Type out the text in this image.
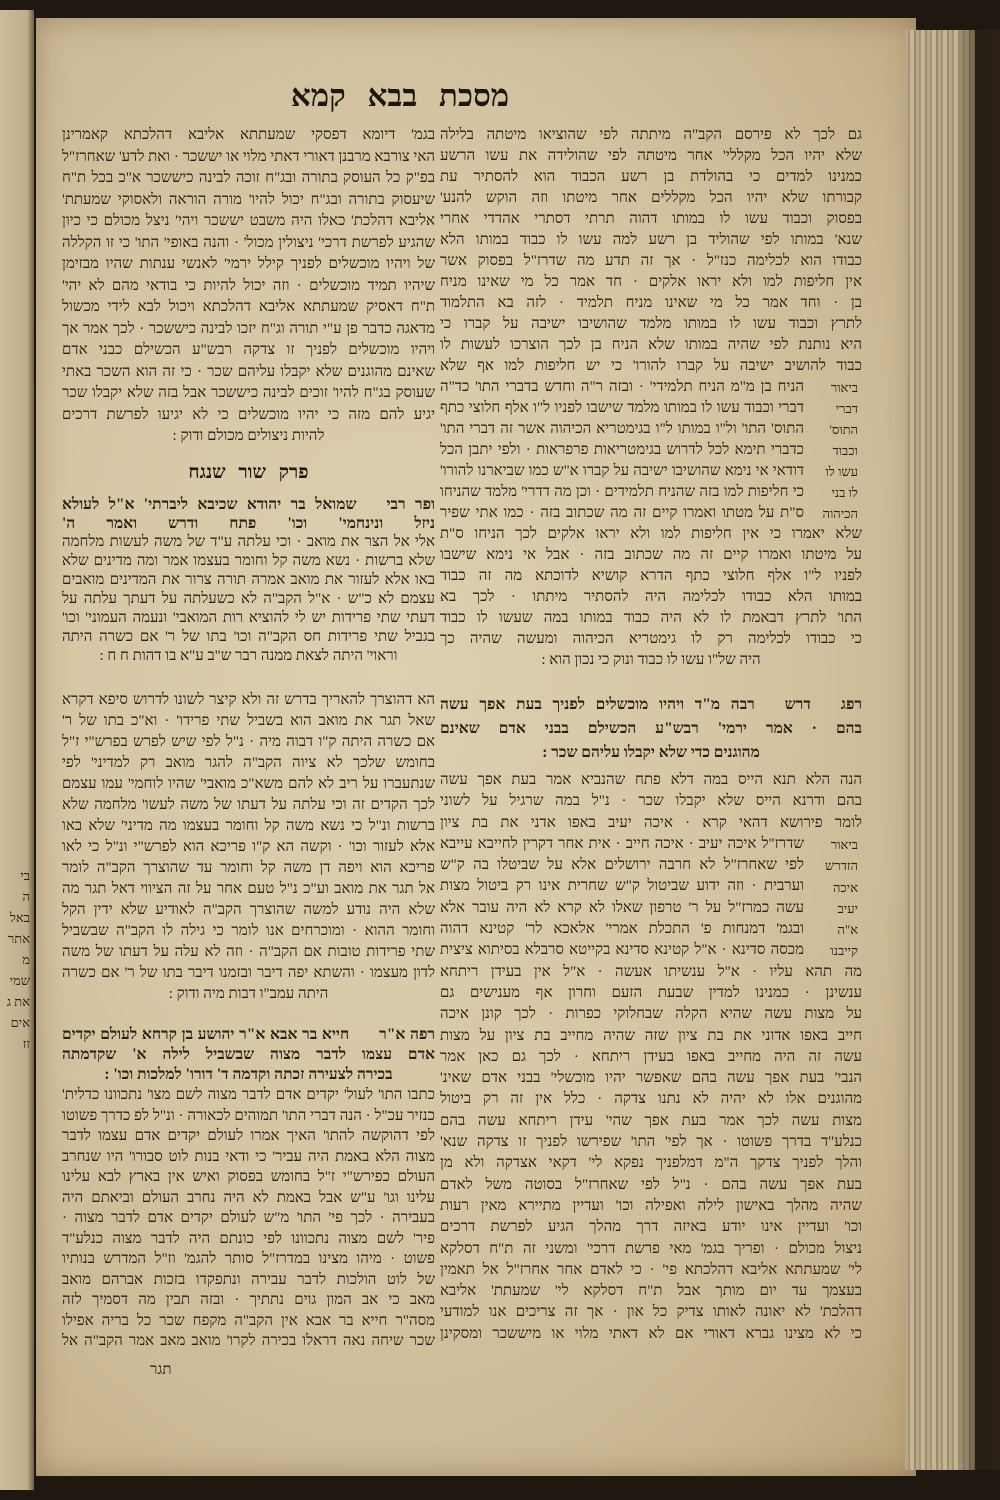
בי
ה
באל
אתר
מ
שמי
את ג
אים
זז
מסכת בבא קמא
גם לכך לא פירסם הקב"ה מיתתה לפי שהוציאו מיטתה בלילה
שלא יהיו הכל מקללי' אחר מיטתה לפי שהולידה את עשו הרשע
כמנינו למדים כי בהולדת בן רשע הכבוד הוא להסתיר עת
קבורתו שלא יהיו הכל מקללים אחר מיטתו וזה הוקש להנע'
בפסוק וכבוד עשו לו במותו דהוה תרתי דסתרי אהדדי אחרי
שנא' במותו לפי שהוליד בן רשע למה עשו לו כבוד במותו הלא
כבודו הוא לכלימה כנז"ל · אך זה תדע מה שדרז"ל בפסוק אשר
אין חליפות למו ולא יראו אלקים · חד אמר כל מי שאינו מניח
בן · וחד אמר כל מי שאינו מניח תלמיד · לזה בא התלמוד
לתרץ וכבוד עשו לו במותו מלמד שהושיבו ישיבה על קברו כי
היא נותנת לפי שהיה במותו שלא הניח בן לכך הוצרכו לעשות לו
כבוד להושיב ישיבה על קברו להורו' כי יש חליפות למו אף שלא
הניח בן מ"מ הניח תלמידי' · ובזה ר"ה וחדש בדברי התו' כד"ה
דברי וכבוד עשו לו במותו מלמד שישבו לפניו ל"ו אלף חלוצי כתף
התוס' התו' ול"ו במותו ל"ו בגימטריא הכיהוה אשר זה דברי התו'
כדברי תימא לכל לדרוש בגימטריאות פרפראות · ולפי יתבן הכל
דודאי אי נימא שהושיבו ישיבה על קברו א"ש כמו שביארנו להורו'
כי חליפות למו בזה שהניח תלמידים · וכן מה דדרי' מלמד שהניחו
ס"ת על מטתו ואמרו קיים זה מה שכתוב בזה · כמו אתי שפיר
שלא יאמרו כי אין חליפות למו ולא יראו אלקים לכך הניחו ס"ת
על מיטתו ואמרו קיים זה מה שכתוב בזה · אבל אי נימא שישבו
לפניו ל"ו אלף חלוצי כתף הדרא קושיא לדוכתא מה זה כבוד
במותו הלא כבודו לכלימה היה להסתיר מיתתו · לכך בא
התו' לתרץ דבאמת לו לא היה כבוד במותו במה שעשו לו כבוד
כי כבודו לכלימה רק לו גימטריא הכיהוה ומעשה שהיה כך
היה של"ו עשו לו כבוד ונוק כי נכון הוא :
רפגדרשרבה מ"ד ויהיו מוכשלים לפניך בעת אפך עשה
בהם · אמר ירמי' רבש"ע הכשילם בבני אדם שאינם
מהוגנים כדי שלא יקבלו עליהם שכר :
הנה הלא תנא הייס במה דלא פתח שהנביא אמר בעת אפך עשה
בהם ודרנא הייס שלא יקבלו שכר · נ"ל במה שרגיל על לשוני
לומר פירושא דהאי קרא · איכה יעיב באפו אדני את בת ציון
שדרז"ל איכה יעיב · איכה חייב · אית אחר דקרין לחייבא עייבא
לפי שאחרז"ל לא חרבה ירושלים אלא על שביטלו בה ק"ש
וערבית · וזה ידוע שביטול ק"ש שחרית אינו רק ביטול מצות
עשה כמרז"ל על ר' טרפון שאלו לא קרא לא היה עובר אלא
ובגמ' דמנחות פ' התכלת אמרי' אלאכא לר' קטינא דהוה
מכסה סדינא · א"ל קטינא סדינא בקייטא סרבלא בסיתוא ציצית
מה תהא עליו · א"ל ענשיתו אעשה · א"ל אין בעידן ריתחא
ענשינן · כמנינו למדין שבעת הזעם וחרון אף מענישים גם
על מצות עשה שהיא הקלה שבחלוקי כפרות · לכך קונן איכה
חייב באפו אדוני את בת ציון שזה שהיה מחייב בת ציון על מצות
עשה זה היה מחייב באפו בעידן ריתחא · לכך גם כאן אמר
הנבי' בעת אפך עשה בהם שאפשר יהיו מוכשלי' בבני אדם שאינ'
מהוגנים אלו לא יהיה לא נתנו צדקה · כלל אין זה רק ביטול
מצות עשה לכך אמר בעת אפך שהי' עידן ריתחא עשה בהם
כנלע"ד בדרך פשוטו · אך לפי' התו' שפירשו לפניך זו צדקה שנא'
והלך לפניך צדקך ה"מ דמלפניך נפקא לי' דקאי אצדקה ולא מן
בעת אפך עשה בהם · נ"ל לפי שאחרז"ל בסוטה משל לאדם
שהיה מהלך באישון לילה ואפילה וכו' ועדיין מתיירא מאין רעות
וכו' ועדיין אינו יודע באיזה דרך מהלך הגיע לפרשת דרכים
ניצול מכולם · ופריך בגמ' מאי פרשת דרכי' ומשני זה ת"ח דסלקא
לי' שמעתתא אליבא דהלכתא פי' · כי לאדם אחר אחרז"ל אל תאמין
בעצמך עד יום מותך אבל ת"ח דסלקא לי' שמעתת' אליבא
דהלכת' לא יאונה לאותו צדיק כל און · אך זה צריכים אנו למודעי
כי לא מצינו גברא דאורי אם לא דאתי מלוי או מיששכר ומסקינן
בגמ' דיומא דפסקי שמעתתא אליבא דהלכתא קאמרינן
האי צורבא מרבנן דאורי דאתי מלוי או יששכר · ואת לדע' שאחרז"ל
בפ"ק כל העוסק בתורה ובג"ח זוכה לבינה כיששכר א"כ בכל ת"ח
שיעסוק בתורה ובג"ח יכול להיו' מורה הוראה ולאסוקי שמעתת'
אליבא דהלכת' כאלו היה משבט יששכר ויהי' ניצל מכולם כי כיון
שהגיע לפרשת דרכי' ניצולין מכול' · והנה באופי' התו' כי זו הקללה
של ויהיו מוכשלים לפניך קילל ירמי' לאנשי ענתות שהיו מבזימן
שיהיו תמיד מוכשלים · וזה יכול להיות כי בודאי מהם לא יהי'
ת"ח דאסיק שמעתתא אליבא דהלכתא ויכול לבא לידי מכשול
מדאגה כדבר פן ע"י תורה וג"ח יזכו לבינה כיששכר · לכך אמר אך
ויהיו מוכשלים לפניך זו צדקה רבש"ע הכשילם כבני אדם
שאינם מהוגנים שלא יקבלו עליהם שכר · כי זה הוא השכר באתי
שעוסק בג"ח להיו' זוכים לבינה כיששכר אבל בזה שלא יקבלו שכר
יגיע להם מזה כי יהיו מוכשלים כי לא יגיעו לפרשת דרכים
להיות ניצולים מכולם ודוק :
פרק שור שנגח
ופר רבישמואל בר יהודא שכיבא ליברתי' א"ל לעולא
ניזל ונינחמי' וכו' פתח ודרש ואמר ה'
אלי אל הצר את מואב · וכי עלתה ע"ד של משה לעשות מלחמה
שלא ברשות · נשא משה קל וחומר בעצמו אמר ומה מדינים שלא
באו אלא לעזור את מואב אמרה תורה צרור את המדינים מואבים
עצמם לא כ"ש · א"ל הקב"ה לא כשעלתה על דעתך עלתה על
דעתי שתי פרידות יש לי להוציא רות המואבי' ונעמה העמוני' וכו'
בגביל שתי פרידות חס הקב"ה וכו' בתו של ר' אם כשרה היתה
וראוי' היתה לצאת ממנה רבר ש"ב ע"א בו דהות ח ח :
הא דהוצרך להאריך בדרש זה ולא קיצר לשונו לדרוש סיפא דקרא
שאל תגר את מואב הוא בשביל שתי פרידו' · וא"כ בתו של ר'
אם כשרה היתה ק"ו דבוה מיה · נ"ל לפי שיש לפרש בפרש"י ז"ל
בחומש שלכך לא ציוה הקב"ה להגר מואב רק למדיני' לפי
שנתעברו על ריב לא להם משא"כ מואבי' שהיו לוחמי' עמו עצמם
לכך הקדים זה וכי עלתה על דעתו של משה לעשו' מלחמה שלא
ברשות ונ"ל כי נשא משה קל וחומר בעצמו מה מדיני' שלא באו
אלא לעזור וכו' · וקשה הא ק"ו פריכא הוא לפרש"י ונ"ל כי לאו
פריכא הוא ויפה דן משה קל וחומר עד שהוצרך הקב"ה לומר
אל תגר את מואב וע"כ נ"ל טעם אחר על זה הציווי דאל תגר מה
שלא היה נודע למשה שהוצרך הקב"ה לאודיע שלא ידין הקל
וחומר ההוא · ומוכרחים אנו לומר כי גילה לו הקב"ה שבשביל
שתי פרידות טובות אם הקב"ה · וזה לא עלה על דעתו של משה
לדון מעצמו · והשתא יפה דיבר ובזמנו דיבר בתו של ר' אם כשרה
היתה עמב"ו דבות מיה ודוק :
רפה א"רחייא בר אבא א"ר יהושע בן קרחא לעולם יקדים
אדם עצמו לדבר מצוה שבשביל לילה א' שקדמתה
בכירה לצעירה זכתה וקדמה ד' דורו' למלכות וכו' :
כתבו התו' לעול' יקדים אדם לדבר מצוה לשם מצו' נתכוונו כדלית'
כנזיר עכ"ל · הנה דברי התו' תמוהים לכאורה · ונ"ל לפ כדרך פשוטו
לפי דהוקשה להתו' האיך אמרו לעולם יקדים אדם עצמו לדבר
מצוה הלא באמת היה עביר' כי ודאי בנות לוט סבורו' היו שנחרב
העולם כפירש"י ז"ל בחומש בפסוק ואיש אין בארץ לבא עלינו
עלינו וגו' ע"ש אבל באמת לא היה נחרב העולם וביאתם היה
בעבירה · לכך פי' התו' מ"ש לעולם יקדים אדם לדבר מצוה ·
פיר' לשם מצוה נתכוונו לפי כונתם היה לדבר מצוה כנלע"ד
פשוט · מיהו מצינו במדרז"ל סותר להגמ' וז"ל המדרש בנותיו
של לוט הולכות לדבר עבירה ונתפקדו בזכות אברהם מואב
מאב כי אב המון גוים נתתיך · ובזה תבין מה דסמיך לזה
מסה"ר חייא בר אבא אין הקב"ה מקפח שכר כל בריה אפילו
שכר שיחה נאה דראלו בכירה לקרו' מואב מאב אמר הקב"ה אל
תגר
ביאור
דברי
התוס'
וכבוד
עשו לו
לו בני
הכיהוה
ביאור
הזדרש
איכה
יעיב
א"ה
קייבנו
